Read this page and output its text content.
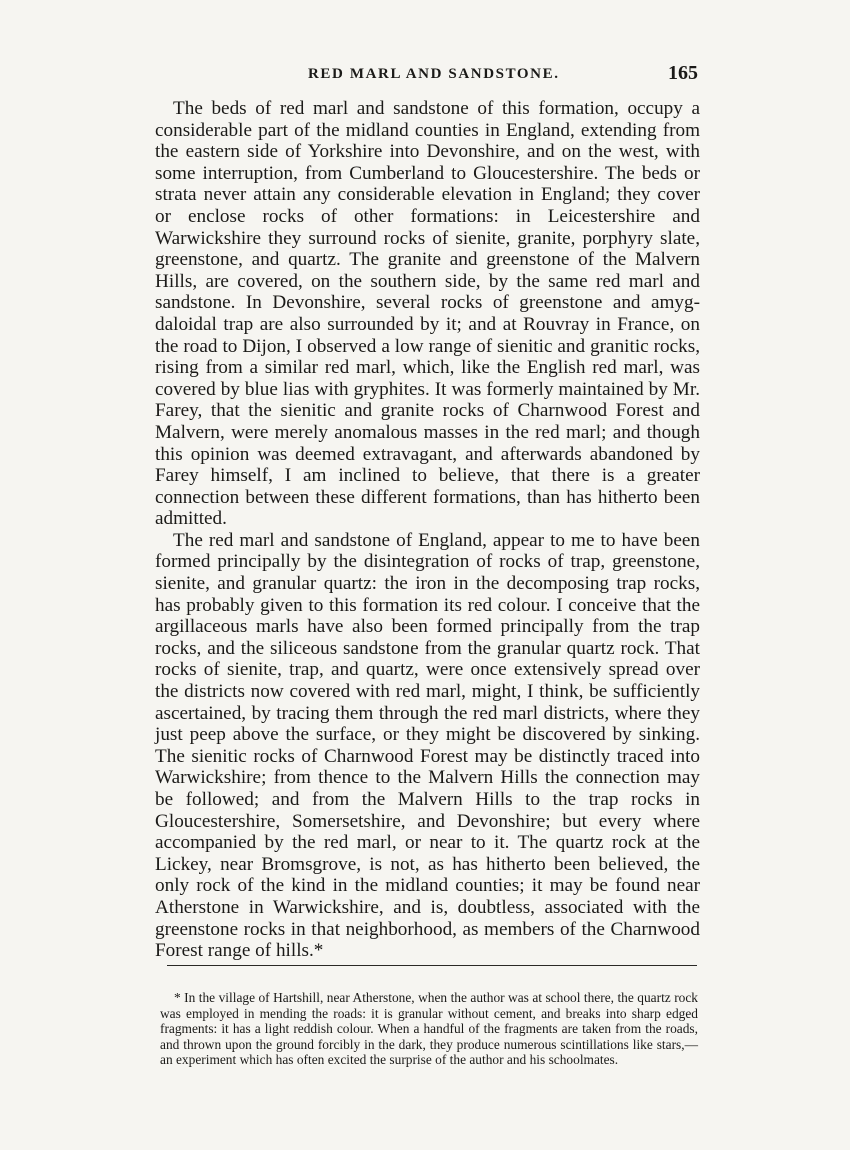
RED MARL AND SANDSTONE.	165

The beds of red marl and sandstone of this formation, occupy a considerable part of the midland counties in England, extending from the eastern side of Yorkshire into Devonshire, and on the west, with some interruption, from Cumberland to Gloucestershire. The beds or strata never attain any considerable elevation in England; they cover or enclose rocks of other formations: in Leicestershire and Warwickshire they surround rocks of sienite, granite, porphyry slate, greenstone, and quartz. The granite and greenstone of the Malvern Hills, are covered, on the southern side, by the same red marl and sandstone. In Devonshire, several rocks of greenstone and amygdaloidal trap are also surrounded by it; and at Rouvray in France, on the road to Dijon, I observed a low range of sienitic and granitic rocks, rising from a similar red marl, which, like the English red marl, was covered by blue lias with gryphites. It was formerly maintained by Mr. Farey, that the sienitic and granite rocks of Charnwood Forest and Malvern, were merely anomalous masses in the red marl; and though this opinion was deemed extravagant, and afterwards abandoned by Farey himself, I am inclined to believe, that there is a greater connection between these different formations, than has hitherto been admitted.

The red marl and sandstone of England, appear to me to have been formed principally by the disintegration of rocks of trap, greenstone, sienite, and granular quartz: the iron in the decomposing trap rocks, has probably given to this formation its red colour. I conceive that the argillaceous marls have also been formed principally from the trap rocks, and the siliceous sandstone from the granular quartz rock. That rocks of sienite, trap, and quartz, were once extensively spread over the districts now covered with red marl, might, I think, be sufficiently ascertained, by tracing them through the red marl districts, where they just peep above the surface, or they might be discovered by sinking. The sienitic rocks of Charnwood Forest may be distinctly traced into Warwickshire; from thence to the Malvern Hills the connection may be followed; and from the Malvern Hills to the trap rocks in Gloucestershire, Somersetshire, and Devonshire; but every where accompanied by the red marl, or near to it. The quartz rock at the Lickey, near Bromsgrove, is not, as has hitherto been believed, the only rock of the kind in the midland counties; it may be found near Atherstone in Warwickshire, and is, doubtless, associated with the greenstone rocks in that neighborhood, as members of the Charnwood Forest range of hills.*

* In the village of Hartshill, near Atherstone, when the author was at school there, the quartz rock was employed in mending the roads: it is granular without cement, and breaks into sharp edged fragments: it has a light reddish colour. When a handful of the fragments are taken from the roads, and thrown upon the ground forcibly in the dark, they produce numerous scintillations like stars,—an experiment which has often excited the surprise of the author and his schoolmates.
